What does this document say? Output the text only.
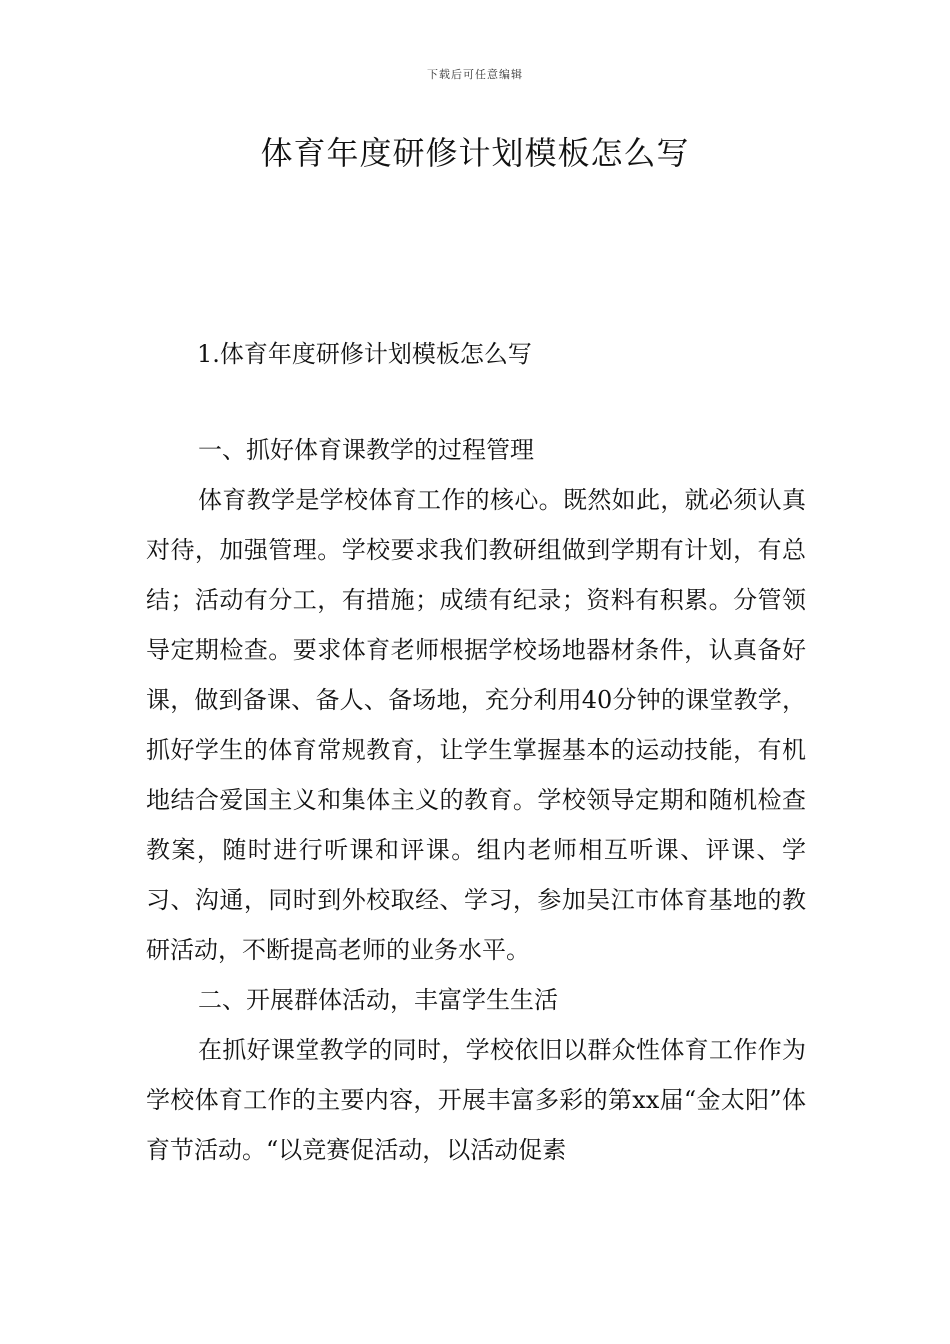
下载后可任意编辑
体育年度研修计划模板怎么写

1.体育年度研修计划模板怎么写

一、抓好体育课教学的过程管理

体育教学是学校体育工作的核心。既然如此，就必须认真对待，加强管理。学校要求我们教研组做到学期有计划，有总结；活动有分工，有措施；成绩有纪录；资料有积累。分管领导定期检查。要求体育老师根据学校场地器材条件，认真备好课，做到备课、备人、备场地，充分利用40分钟的课堂教学，抓好学生的体育常规教育，让学生掌握基本的运动技能，有机地结合爱国主义和集体主义的教育。学校领导定期和随机检查教案，随时进行听课和评课。组内老师相互听课、评课、学习、沟通，同时到外校取经、学习，参加吴江市体育基地的教研活动，不断提高老师的业务水平。

二、开展群体活动，丰富学生生活

在抓好课堂教学的同时，学校依旧以群众性体育工作作为学校体育工作的主要内容，开展丰富多彩的第xx届“金太阳”体育节活动。“以竞赛促活动，以活动促素
